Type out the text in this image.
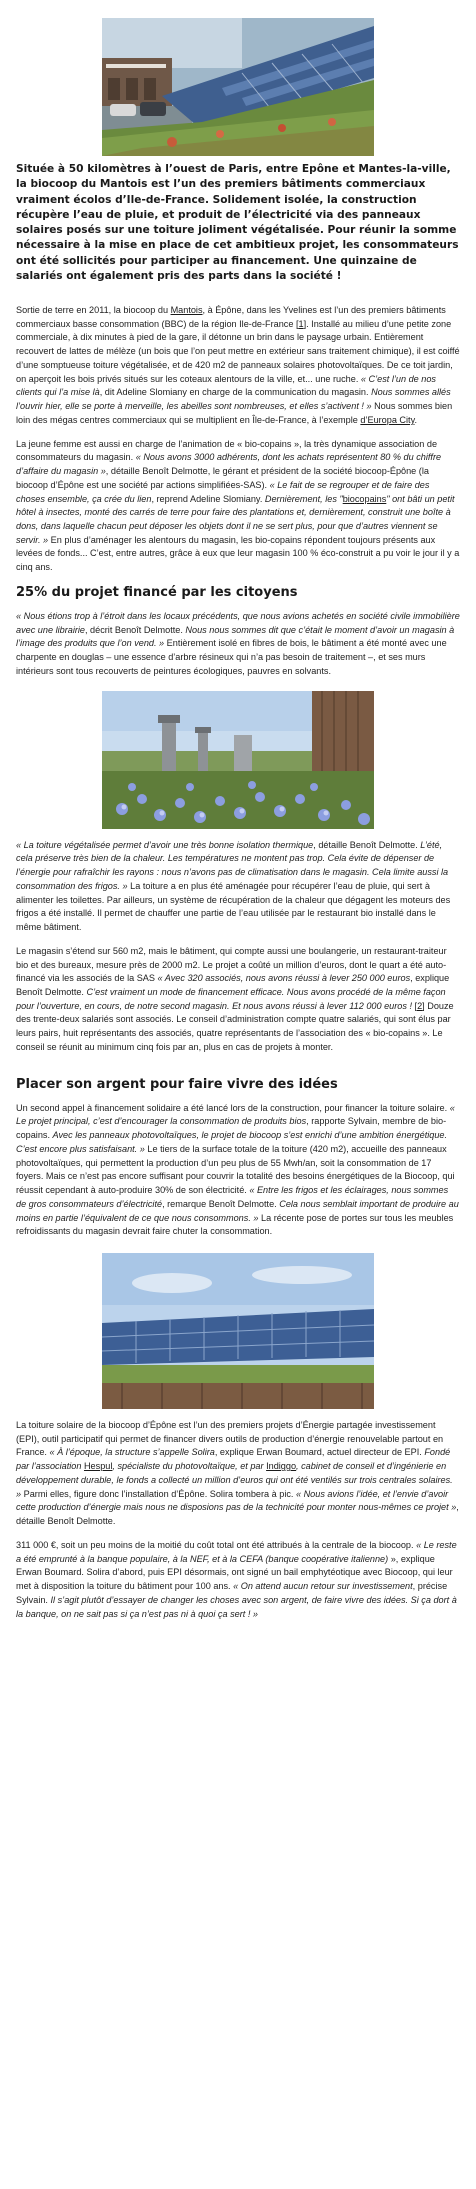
Située à 50 kilomètres à l’ouest de Paris, entre Epône et Mantes-la-ville, la biocoop du Mantois est l’un des premiers bâtiments commerciaux vraiment écolos d’Ile-de-France. Solidement isolée, la construction récupère l’eau de pluie, et produit de l’électricité via des panneaux solaires posés sur une toiture joliment végétalisée. Pour réunir la somme nécessaire à la mise en place de cet ambitieux projet, les consommateurs ont été sollicités pour participer au financement. Une quinzaine de salariés ont également pris des parts dans la société !

Sortie de terre en 2011, la biocoop du Mantois, à Épône, dans les Yvelines est l’un des premiers bâtiments commerciaux basse consommation (BBC) de la région Ile-de-France [1]. Installé au milieu d’une petite zone commerciale, à dix minutes à pied de la gare, il détonne un brin dans le paysage urbain. Entièrement recouvert de lattes de mélèze (un bois que l’on peut mettre en extérieur sans traitement chimique), il est coiffé d’une somptueuse toiture végétalisée, et de 420 m2 de panneaux solaires photovoltaïques. De ce toit jardin, on aperçoit les bois privés situés sur les coteaux alentours de la ville, et... une ruche. « C’est l’un de nos clients qui l’a mise là, dit Adeline Slomiany en charge de la communication du magasin. Nous sommes allés l’ouvrir hier, elle se porte à merveille, les abeilles sont nombreuses, et elles s’activent ! » Nous sommes bien loin des mégas centres commerciaux qui se multiplient en Île-de-France, à l’exemple d’Europa City.

La jeune femme est aussi en charge de l’animation de « bio-copains », la très dynamique association de consommateurs du magasin. « Nous avons 3000 adhérents, dont les achats représentent 80 % du chiffre d’affaire du magasin », détaille Benoît Delmotte, le gérant et président de la société biocoop-Épône (la biocoop d’Épône est une société par actions simplifiées-SAS). « Le fait de se regrouper et de faire des choses ensemble, ça crée du lien, reprend Adeline Slomiany. Dernièrement, les "biocopains" ont bâti un petit hôtel à insectes, monté des carrés de terre pour faire des plantations et, dernièrement, construit une boîte à dons, dans laquelle chacun peut déposer les objets dont il ne se sert plus, pour que d’autres viennent se servir. » En plus d’aménager les alentours du magasin, les bio-copains répondent toujours présents aux levées de fonds... C’est, entre autres, grâce à eux que leur magasin 100 % éco-construit a pu voir le jour il y a cinq ans.

25% du projet financé par les citoyens

« Nous étions trop à l’étroit dans les locaux précédents, que nous avions achetés en société civile immobilière avec une librairie, décrit Benoît Delmotte. Nous nous sommes dit que c’était le moment d’avoir un magasin à l’image des produits que l’on vend. » Entièrement isolé en fibres de bois, le bâtiment a été monté avec une charpente en douglas – une essence d’arbre résineux qui n’a pas besoin de traitement –, et ses murs intérieurs sont tous recouverts de peintures écologiques, pauvres en solvants.

« La toiture végétalisée permet d’avoir une très bonne isolation thermique, détaille Benoît Delmotte. L’été, cela préserve très bien de la chaleur. Les températures ne montent pas trop. Cela évite de dépenser de l’énergie pour rafraîchir les rayons : nous n’avons pas de climatisation dans le magasin. Cela limite aussi la consommation des frigos. » La toiture a en plus été aménagée pour récupérer l’eau de pluie, qui sert à alimenter les toilettes. Par ailleurs, un système de récupération de la chaleur que dégagent les moteurs des frigos a été installé. Il permet de chauffer une partie de l’eau utilisée par le restaurant bio installé dans le même bâtiment.

Le magasin s’étend sur 560 m2, mais le bâtiment, qui compte aussi une boulangerie, un restaurant-traiteur bio et des bureaux, mesure près de 2000 m2. Le projet a coûté un million d’euros, dont le quart a été auto-financé via les associés de la SAS « Avec 320 associés, nous avons réussi à lever 250 000 euros, explique Benoît Delmotte. C’est vraiment un mode de financement efficace. Nous avons procédé de la même façon pour l’ouverture, en cours, de notre second magasin. Et nous avons réussi à lever 112 000 euros ! [2] Douze des trente-deux salariés sont associés. Le conseil d’administration compte quatre salariés, qui sont élus par leurs pairs, huit représentants des associés, quatre représentants de l’association des « bio-copains ». Le conseil se réunit au minimum cinq fois par an, plus en cas de projets à monter.

Placer son argent pour faire vivre des idées

Un second appel à financement solidaire a été lancé lors de la construction, pour financer la toiture solaire. « Le projet principal, c’est d’encourager la consommation de produits bios, rapporte Sylvain, membre de bio-copains. Avec les panneaux photovoltaïques, le projet de biocoop s’est enrichi d’une ambition énergétique. C’est encore plus satisfaisant. » Le tiers de la surface totale de la toiture (420 m2), accueille des panneaux photovoltaïques, qui permettent la production d’un peu plus de 55 Mwh/an, soit la consommation de 17 foyers. Mais ce n’est pas encore suffisant pour couvrir la totalité des besoins énergétiques de la Biocoop, qui réussit cependant à auto-produire 30% de son électricité. « Entre les frigos et les éclairages, nous sommes de gros consommateurs d’électricité, remarque Benoît Delmotte. Cela nous semblait important de produire au moins en partie l’équivalent de ce que nous consommons. » La récente pose de portes sur tous les meubles refroidissants du magasin devrait faire chuter la consommation.

La toiture solaire de la biocoop d’Épône est l’un des premiers projets d’Énergie partagée investissement (EPI), outil participatif qui permet de financer divers outils de production d’énergie renouvelable partout en France. « À l’époque, la structure s’appelle Solira, explique Erwan Boumard, actuel directeur de EPI. Fondé par l’association Hespul, spécialiste du photovoltaïque, et par Indiggo, cabinet de conseil et d’ingénierie en développement durable, le fonds a collecté un million d’euros qui ont été ventilés sur trois centrales solaires. » Parmi elles, figure donc l’installation d’Épône. Solira tombera à pic. « Nous avions l’idée, et l’envie d’avoir cette production d’énergie mais nous ne disposions pas de la technicité pour monter nous-mêmes ce projet », détaille Benoît Delmotte.

311 000 €, soit un peu moins de la moitié du coût total ont été attribués à la centrale de la biocoop. « Le reste a été emprunté à la banque populaire, à la NEF, et à la CEFA (banque coopérative italienne) », explique Erwan Boumard. Solira d’abord, puis EPI désormais, ont signé un bail emphytéotique avec Biocoop, qui leur met à disposition la toiture du bâtiment pour 100 ans. « On attend aucun retour sur investissement, précise Sylvain. Il s’agit plutôt d’essayer de changer les choses avec son argent, de faire vivre des idées. Si ça dort à la banque, on ne sait pas si ça n’est pas ni à quoi ça sert ! »
